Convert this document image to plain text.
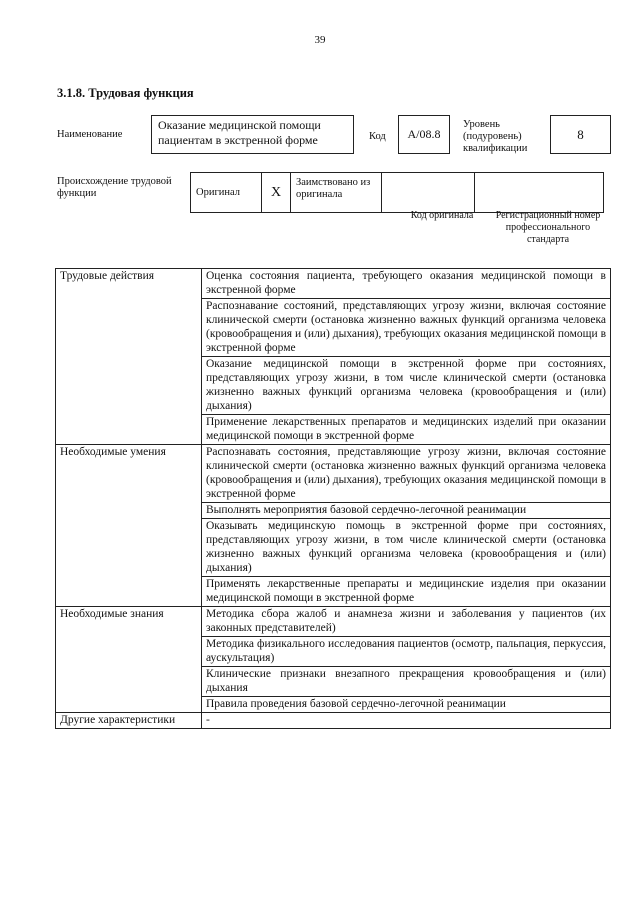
39
3.1.8. Трудовая функция
Наименование
Оказание медицинской помощи пациентам в экстренной форме	Код	A/08.8
Уровень (подуровень) квалификации
8
Происхождение трудовой функции	Оригинал	X	Заимствовано из оригинала		
Код оригинала	Регистрационный номер профессионального стандарта
Трудовые действия	Оценка состояния пациента, требующего оказания медицинской помощи в экстренной форме
	Распознавание состояний, представляющих угрозу жизни, включая состояние клинической смерти (остановка жизненно важных функций организма человека (кровообращения и (или) дыхания), требующих оказания медицинской помощи в экстренной форме
	Оказание медицинской помощи в экстренной форме при состояниях, представляющих угрозу жизни, в том числе клинической смерти (остановка жизненно важных функций организма человека (кровообращения и (или) дыхания)
	Применение лекарственных препаратов и медицинских изделий при оказании медицинской помощи в экстренной форме
Необходимые умения	Распознавать состояния, представляющие угрозу жизни, включая состояние клинической смерти (остановка жизненно важных функций организма человека (кровообращения и (или) дыхания), требующих оказания медицинской помощи в экстренной форме
	Выполнять мероприятия базовой сердечно-легочной реанимации
	Оказывать медицинскую помощь в экстренной форме при состояниях, представляющих угрозу жизни, в том числе клинической смерти (остановка жизненно важных функций организма человека (кровообращения и (или) дыхания)
	Применять лекарственные препараты и медицинские изделия при оказании медицинской помощи в экстренной форме
Необходимые знания	Методика сбора жалоб и анамнеза жизни и заболевания у пациентов (их законных представителей)
	Методика физикального исследования пациентов (осмотр, пальпация, перкуссия, аускультация)
	Клинические признаки внезапного прекращения кровообращения и (или) дыхания
	Правила проведения базовой сердечно-легочной реанимации
Другие характеристики	-
